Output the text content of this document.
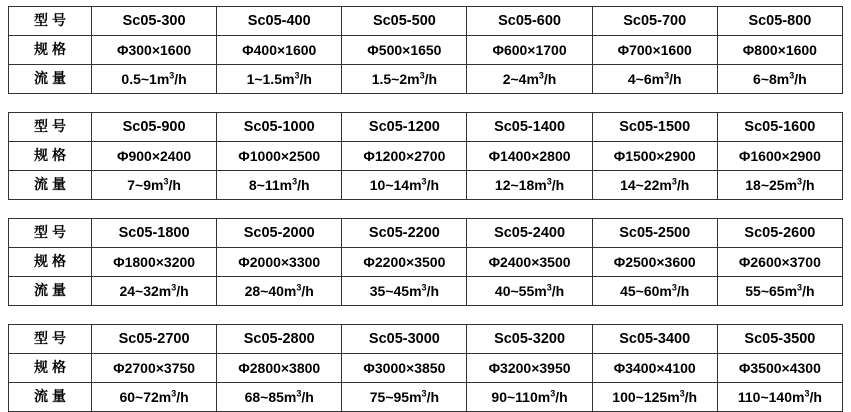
型号	Sc05-300	Sc05-400	Sc05-500	Sc05-600	Sc05-700	Sc05-800
规格	Φ300×1600	Φ400×1600	Φ500×1650	Φ600×1700	Φ700×1600	Φ800×1600
流量	$0.5\sim 1m^3/h$	$1\sim 1.5m^3/h$	$1.5\sim 2m^3/h$	$2\sim 4m^3/h$	$4\sim 6m^3/h$	$6\sim 8m^3/h$
型号	Sc05-900	Sc05-1000	Sc05-1200	Sc05-1400	Sc05-1500	Sc05-1600
规格	Φ900×2400	Φ1000×2500	Φ1200×2700	Φ1400×2800	Φ1500×2900	Φ1600×2900
流量	$7\sim 9m^3/h$	$8\sim 11m^3/h$	$10\sim 14m^3/h$	$12\sim 18m^3/h$	$14\sim 22m^3/h$	$18\sim 25m^3/h$
型号	Sc05-1800	Sc05-2000	Sc05-2200	Sc05-2400	Sc05-2500	Sc05-2600
规格	Φ1800×3200	Φ2000×3300	Φ2200×3500	Φ2400×3500	Φ2500×3600	Φ2600×3700
流量	$24\sim 32m^3/h$	$28\sim 40m^3/h$	$35\sim 45m^3/h$	$40\sim 55m^3/h$	$45\sim 60m^3/h$	$55\sim 65m^3/h$
型号	Sc05-2700	Sc05-2800	Sc05-3000	Sc05-3200	Sc05-3400	Sc05-3500
规格	Φ2700×3750	Φ2800×3800	Φ3000×3850	Φ3200×3950	Φ3400×4100	Φ3500×4300
流量	$60\sim 72m^3/h$	$68\sim 85m^3/h$	$75\sim 95m^3/h$	$90\sim 110m^3/h$	$100\sim 125m^3/h$	$110\sim 140m^3/h$
